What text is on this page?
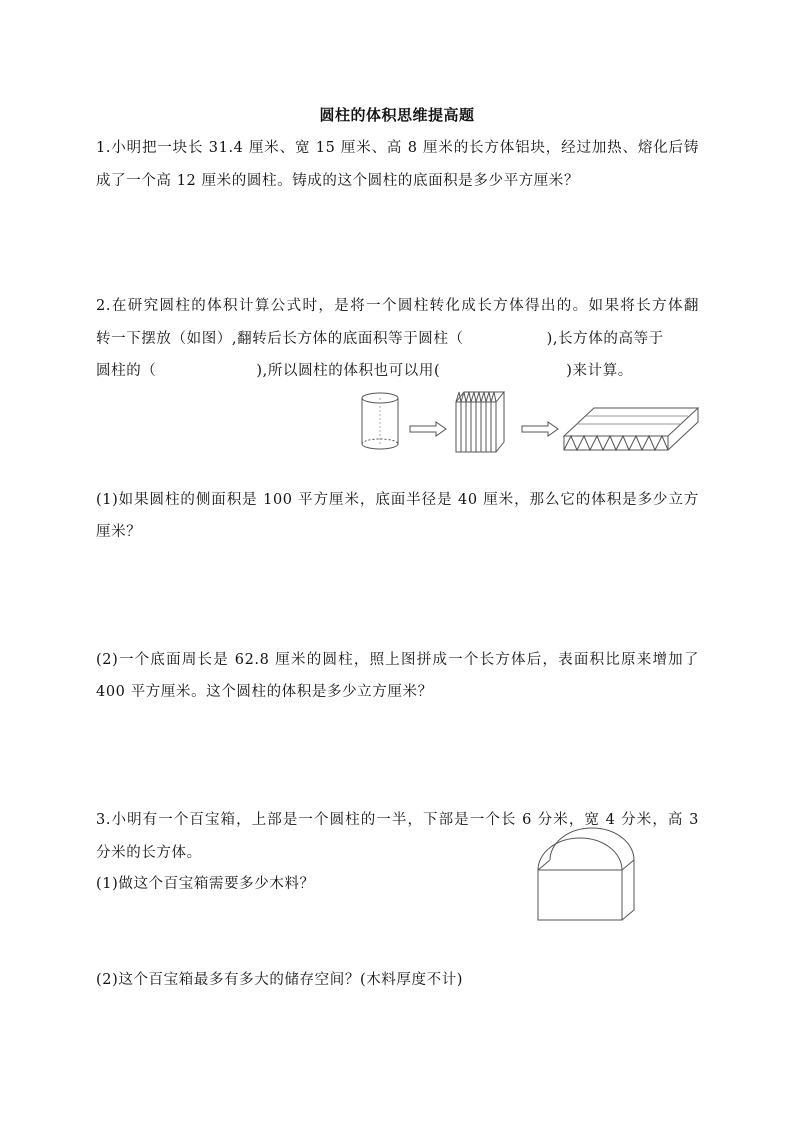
圆柱的体积思维提高题
1.小明把一块长 31.4 厘米、宽 15 厘米、高 8 厘米的长方体铝块，经过加热、熔化后铸
成了一个高 12 厘米的圆柱。铸成的这个圆柱的底面积是多少平方厘米？
2.在研究圆柱的体积计算公式时，是将一个圆柱转化成长方体得出的。如果将长方体翻
转一下摆放（如图）,翻转后长方体的底面积等于圆柱（	),长方体的高等于
圆柱的（	),所以圆柱的体积也可以用(	)来计算。
(1)如果圆柱的侧面积是 100 平方厘米，底面半径是 40 厘米，那么它的体积是多少立方
厘米？
(2)一个底面周长是 62.8 厘米的圆柱，照上图拼成一个长方体后，表面积比原来增加了
400 平方厘米。这个圆柱的体积是多少立方厘米？
3.小明有一个百宝箱，上部是一个圆柱的一半，下部是一个长 6 分米，宽 4 分米，高 3
分米的长方体。
(1)做这个百宝箱需要多少木料？
(2)这个百宝箱最多有多大的储存空间？(木料厚度不计)
